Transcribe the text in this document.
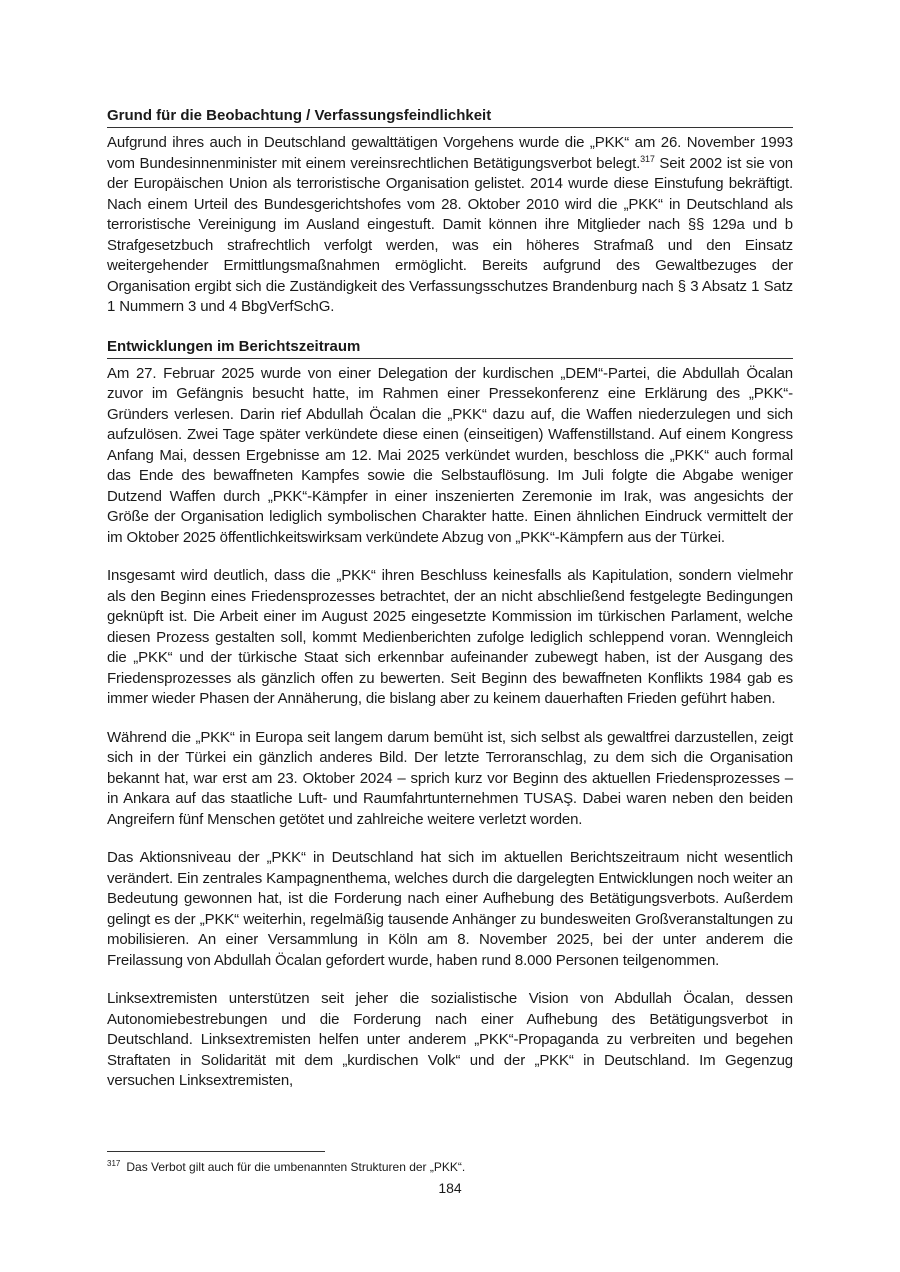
Grund für die Beobachtung / Verfassungsfeindlichkeit

Aufgrund ihres auch in Deutschland gewalttätigen Vorgehens wurde die „PKK“ am 26. November 1993 vom Bundesinnenminister mit einem vereinsrechtlichen Betätigungsverbot belegt.$^{317}$ Seit 2002 ist sie von der Europäischen Union als terroristische Organisation gelistet. 2014 wurde diese Einstufung bekräftigt. Nach einem Urteil des Bundesgerichtshofes vom 28. Oktober 2010 wird die „PKK“ in Deutschland als terroristische Vereinigung im Ausland eingestuft. Damit können ihre Mitglieder nach §§ 129a und b Strafgesetzbuch strafrechtlich verfolgt werden, was ein höheres Strafmaß und den Einsatz weitergehender Ermittlungsmaßnahmen ermöglicht. Bereits aufgrund des Gewaltbezuges der Organisation ergibt sich die Zuständigkeit des Verfassungsschutzes Brandenburg nach § 3 Absatz 1 Satz 1 Nummern 3 und 4 BbgVerfSchG.

Entwicklungen im Berichtszeitraum

Am 27. Februar 2025 wurde von einer Delegation der kurdischen „DEM“-Partei, die Abdullah Öcalan zuvor im Gefängnis besucht hatte, im Rahmen einer Pressekonferenz eine Erklärung des „PKK“-Gründers verlesen. Darin rief Abdullah Öcalan die „PKK“ dazu auf, die Waffen niederzulegen und sich aufzulösen. Zwei Tage später verkündete diese einen (einseitigen) Waffenstillstand. Auf einem Kongress Anfang Mai, dessen Ergebnisse am 12. Mai 2025 verkündet wurden, beschloss die „PKK“ auch formal das Ende des bewaffneten Kampfes sowie die Selbstauflösung. Im Juli folgte die Abgabe weniger Dutzend Waffen durch „PKK“-Kämpfer in einer inszenierten Zeremonie im Irak, was angesichts der Größe der Organisation lediglich symbolischen Charakter hatte. Einen ähnlichen Eindruck vermittelt der im Oktober 2025 öffentlichkeitswirksam verkündete Abzug von „PKK“-Kämpfern aus der Türkei.

Insgesamt wird deutlich, dass die „PKK“ ihren Beschluss keinesfalls als Kapitulation, sondern vielmehr als den Beginn eines Friedensprozesses betrachtet, der an nicht abschließend festgelegte Bedingungen geknüpft ist. Die Arbeit einer im August 2025 eingesetzte Kommission im türkischen Parlament, welche diesen Prozess gestalten soll, kommt Medienberichten zufolge lediglich schleppend voran. Wenngleich die „PKK“ und der türkische Staat sich erkennbar aufeinander zubewegt haben, ist der Ausgang des Friedensprozesses als gänzlich offen zu bewerten. Seit Beginn des bewaffneten Konflikts 1984 gab es immer wieder Phasen der Annäherung, die bislang aber zu keinem dauerhaften Frieden geführt haben.

Während die „PKK“ in Europa seit langem darum bemüht ist, sich selbst als gewaltfrei darzustellen, zeigt sich in der Türkei ein gänzlich anderes Bild. Der letzte Terroranschlag, zu dem sich die Organisation bekannt hat, war erst am 23. Oktober 2024 – sprich kurz vor Beginn des aktuellen Friedensprozesses – in Ankara auf das staatliche Luft- und Raumfahrtunternehmen TUSAŞ. Dabei waren neben den beiden Angreifern fünf Menschen getötet und zahlreiche weitere verletzt worden.

Das Aktionsniveau der „PKK“ in Deutschland hat sich im aktuellen Berichtszeitraum nicht wesentlich verändert. Ein zentrales Kampagnenthema, welches durch die dargelegten Entwicklungen noch weiter an Bedeutung gewonnen hat, ist die Forderung nach einer Aufhebung des Betätigungsverbots. Außerdem gelingt es der „PKK“ weiterhin, regelmäßig tausende Anhänger zu bundesweiten Großveranstaltungen zu mobilisieren. An einer Versammlung in Köln am 8. November 2025, bei der unter anderem die Freilassung von Abdullah Öcalan gefordert wurde, haben rund 8.000 Personen teilgenommen.

Linksextremisten unterstützen seit jeher die sozialistische Vision von Abdullah Öcalan, dessen Autonomiebestrebungen und die Forderung nach einer Aufhebung des Betätigungsverbot in Deutschland. Linksextremisten helfen unter anderem „PKK“-Propaganda zu verbreiten und begehen Straftaten in Solidarität mit dem „kurdischen Volk“ und der „PKK“ in Deutschland. Im Gegenzug versuchen Linksextremisten,

$^{317}$ Das Verbot gilt auch für die umbenannten Strukturen der „PKK“.
184
